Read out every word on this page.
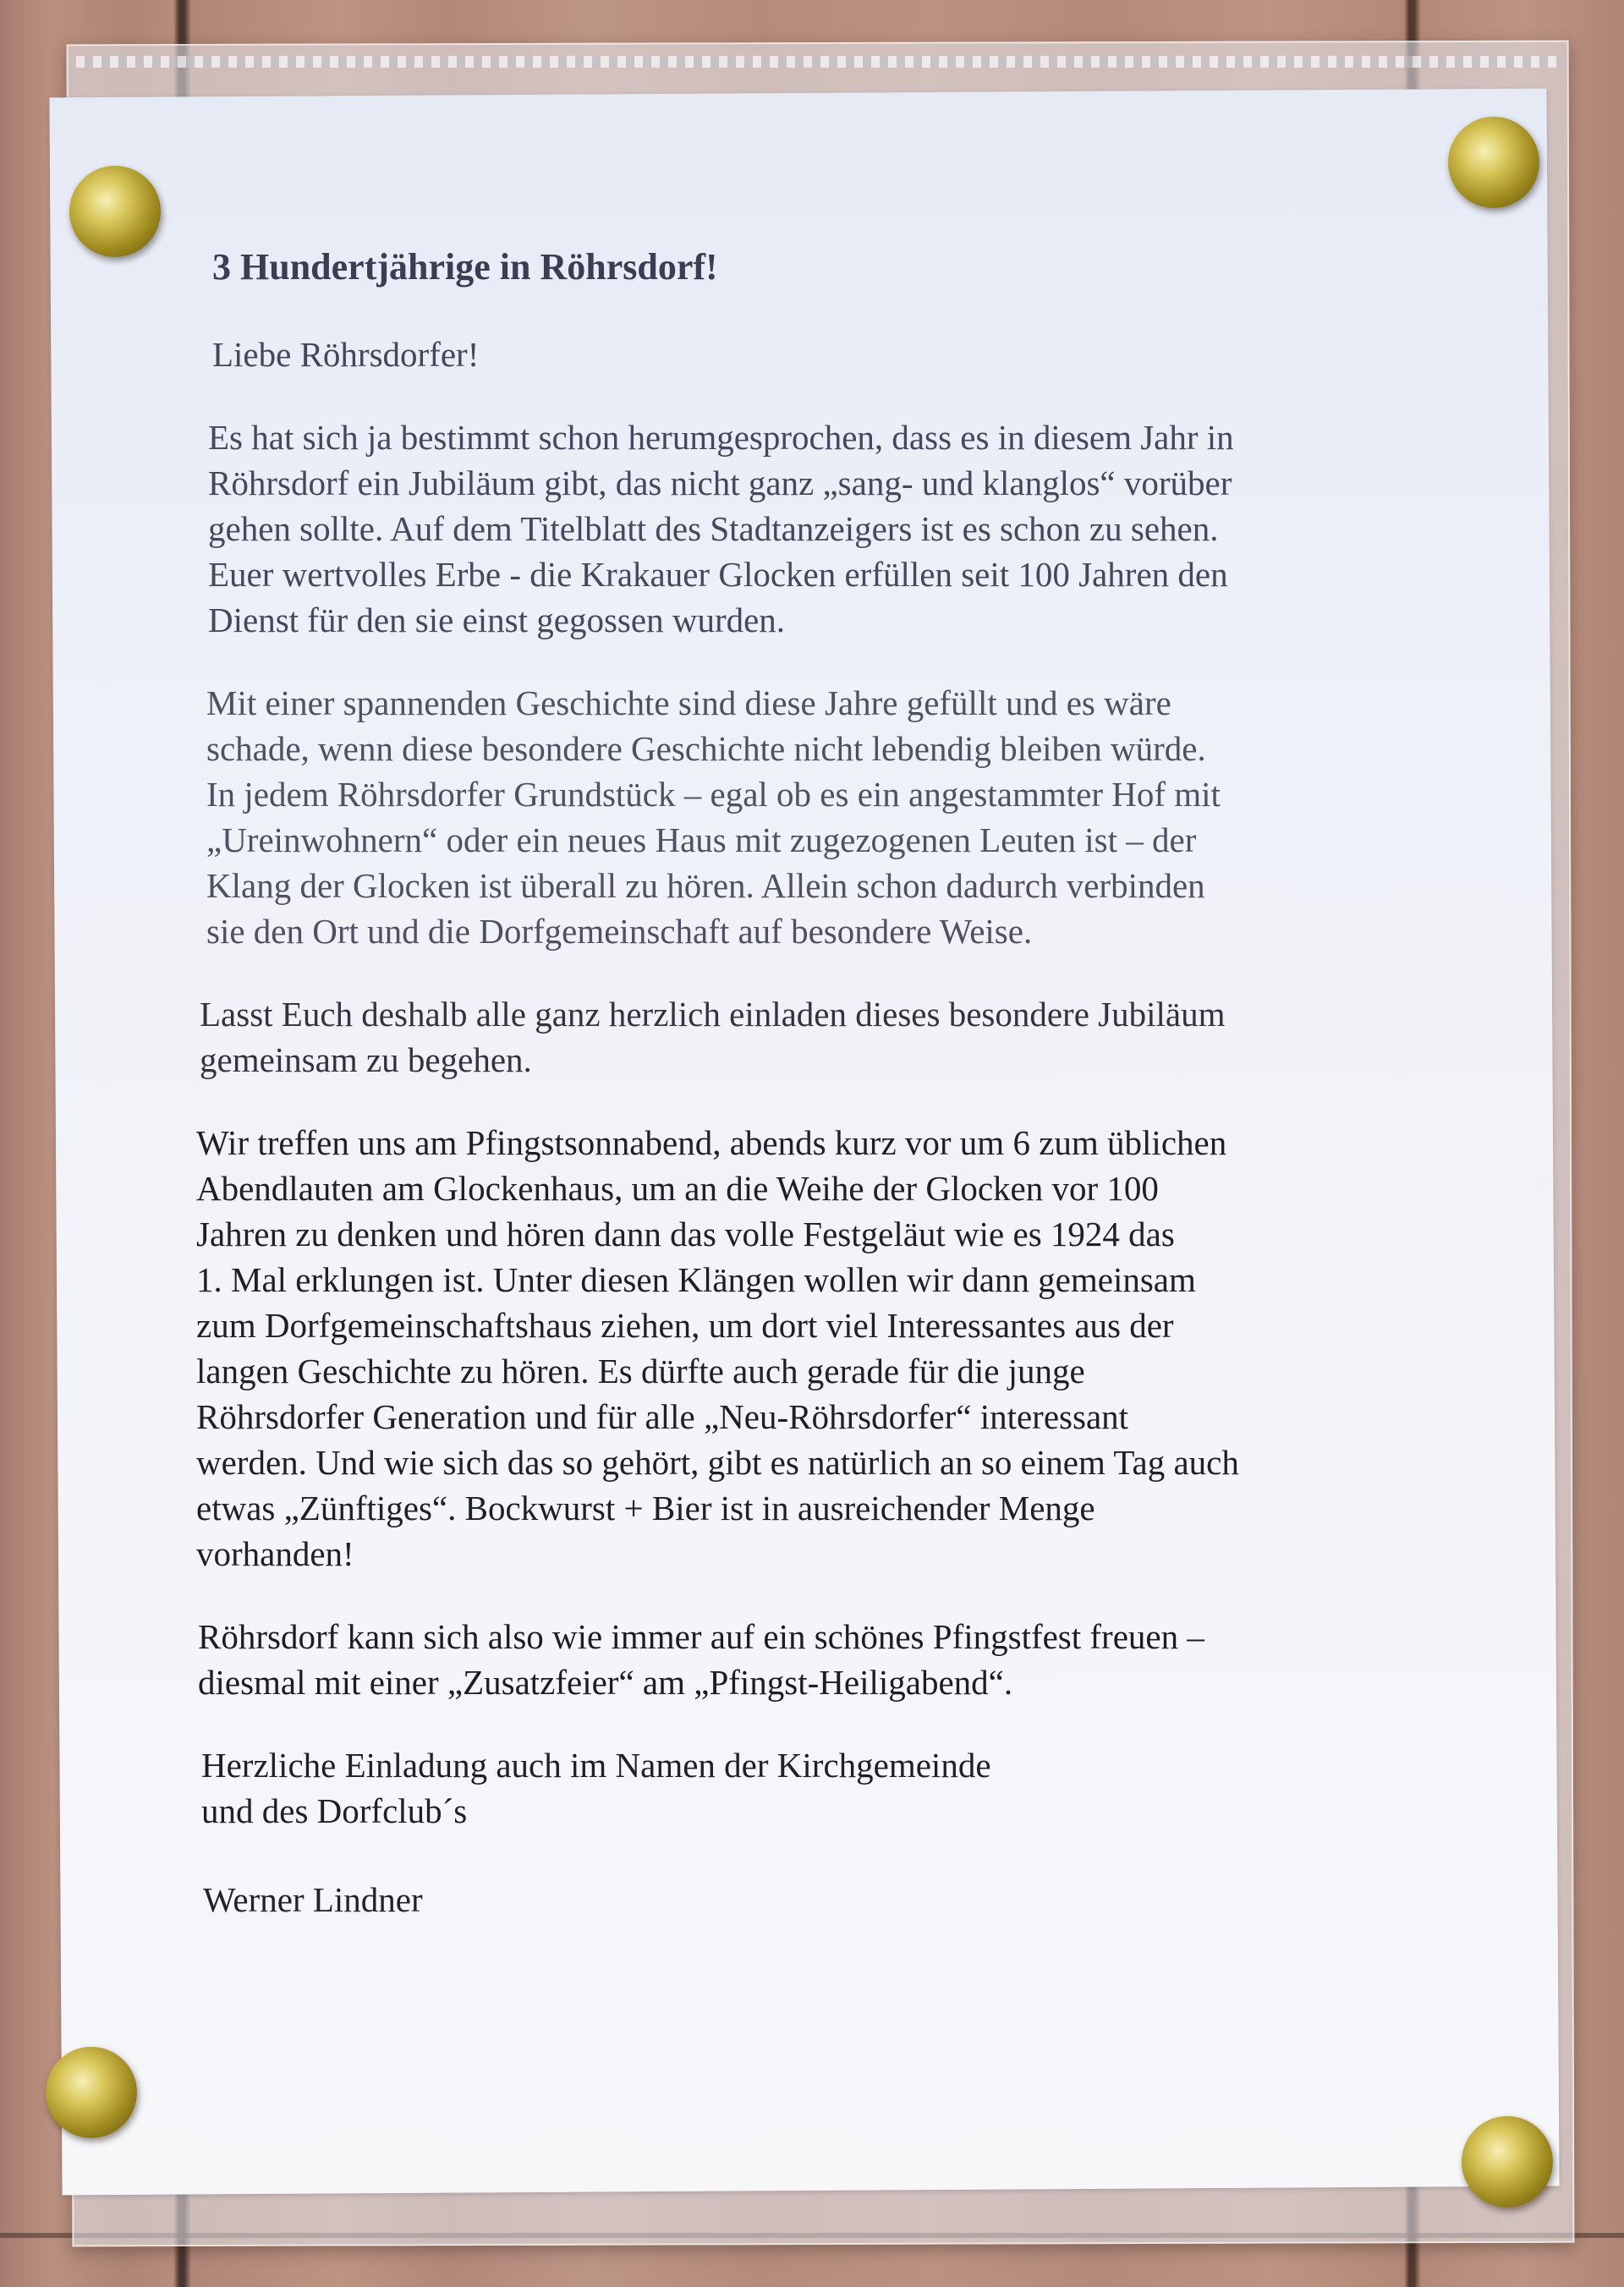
3 Hundertjährige in Röhrsdorf!
Liebe Röhrsdorfer!
Es hat sich ja bestimmt schon herumgesprochen, dass es in diesem Jahr in
Röhrsdorf ein Jubiläum gibt, das nicht ganz „sang- und klanglos“ vorüber
gehen sollte. Auf dem Titelblatt des Stadtanzeigers ist es schon zu sehen.
Euer wertvolles Erbe - die Krakauer Glocken erfüllen seit 100 Jahren den
Dienst für den sie einst gegossen wurden.
Mit einer spannenden Geschichte sind diese Jahre gefüllt und es wäre
schade, wenn diese besondere Geschichte nicht lebendig bleiben würde.
In jedem Röhrsdorfer Grundstück – egal ob es ein angestammter Hof mit
„Ureinwohnern“ oder ein neues Haus mit zugezogenen Leuten ist – der
Klang der Glocken ist überall zu hören. Allein schon dadurch verbinden
sie den Ort und die Dorfgemeinschaft auf besondere Weise.
Lasst Euch deshalb alle ganz herzlich einladen dieses besondere Jubiläum
gemeinsam zu begehen.
Wir treffen uns am Pfingstsonnabend, abends kurz vor um 6 zum üblichen
Abendlauten am Glockenhaus, um an die Weihe der Glocken vor 100
Jahren zu denken und hören dann das volle Festgeläut wie es 1924 das
1. Mal erklungen ist. Unter diesen Klängen wollen wir dann gemeinsam
zum Dorfgemeinschaftshaus ziehen, um dort viel Interessantes aus der
langen Geschichte zu hören. Es dürfte auch gerade für die junge
Röhrsdorfer Generation und für alle „Neu-Röhrsdorfer“ interessant
werden. Und wie sich das so gehört, gibt es natürlich an so einem Tag auch
etwas „Zünftiges“. Bockwurst + Bier ist in ausreichender Menge
vorhanden!
Röhrsdorf kann sich also wie immer auf ein schönes Pfingstfest freuen –
diesmal mit einer „Zusatzfeier“ am „Pfingst-Heiligabend“.
Herzliche Einladung auch im Namen der Kirchgemeinde
und des Dorfclub´s
Werner Lindner
